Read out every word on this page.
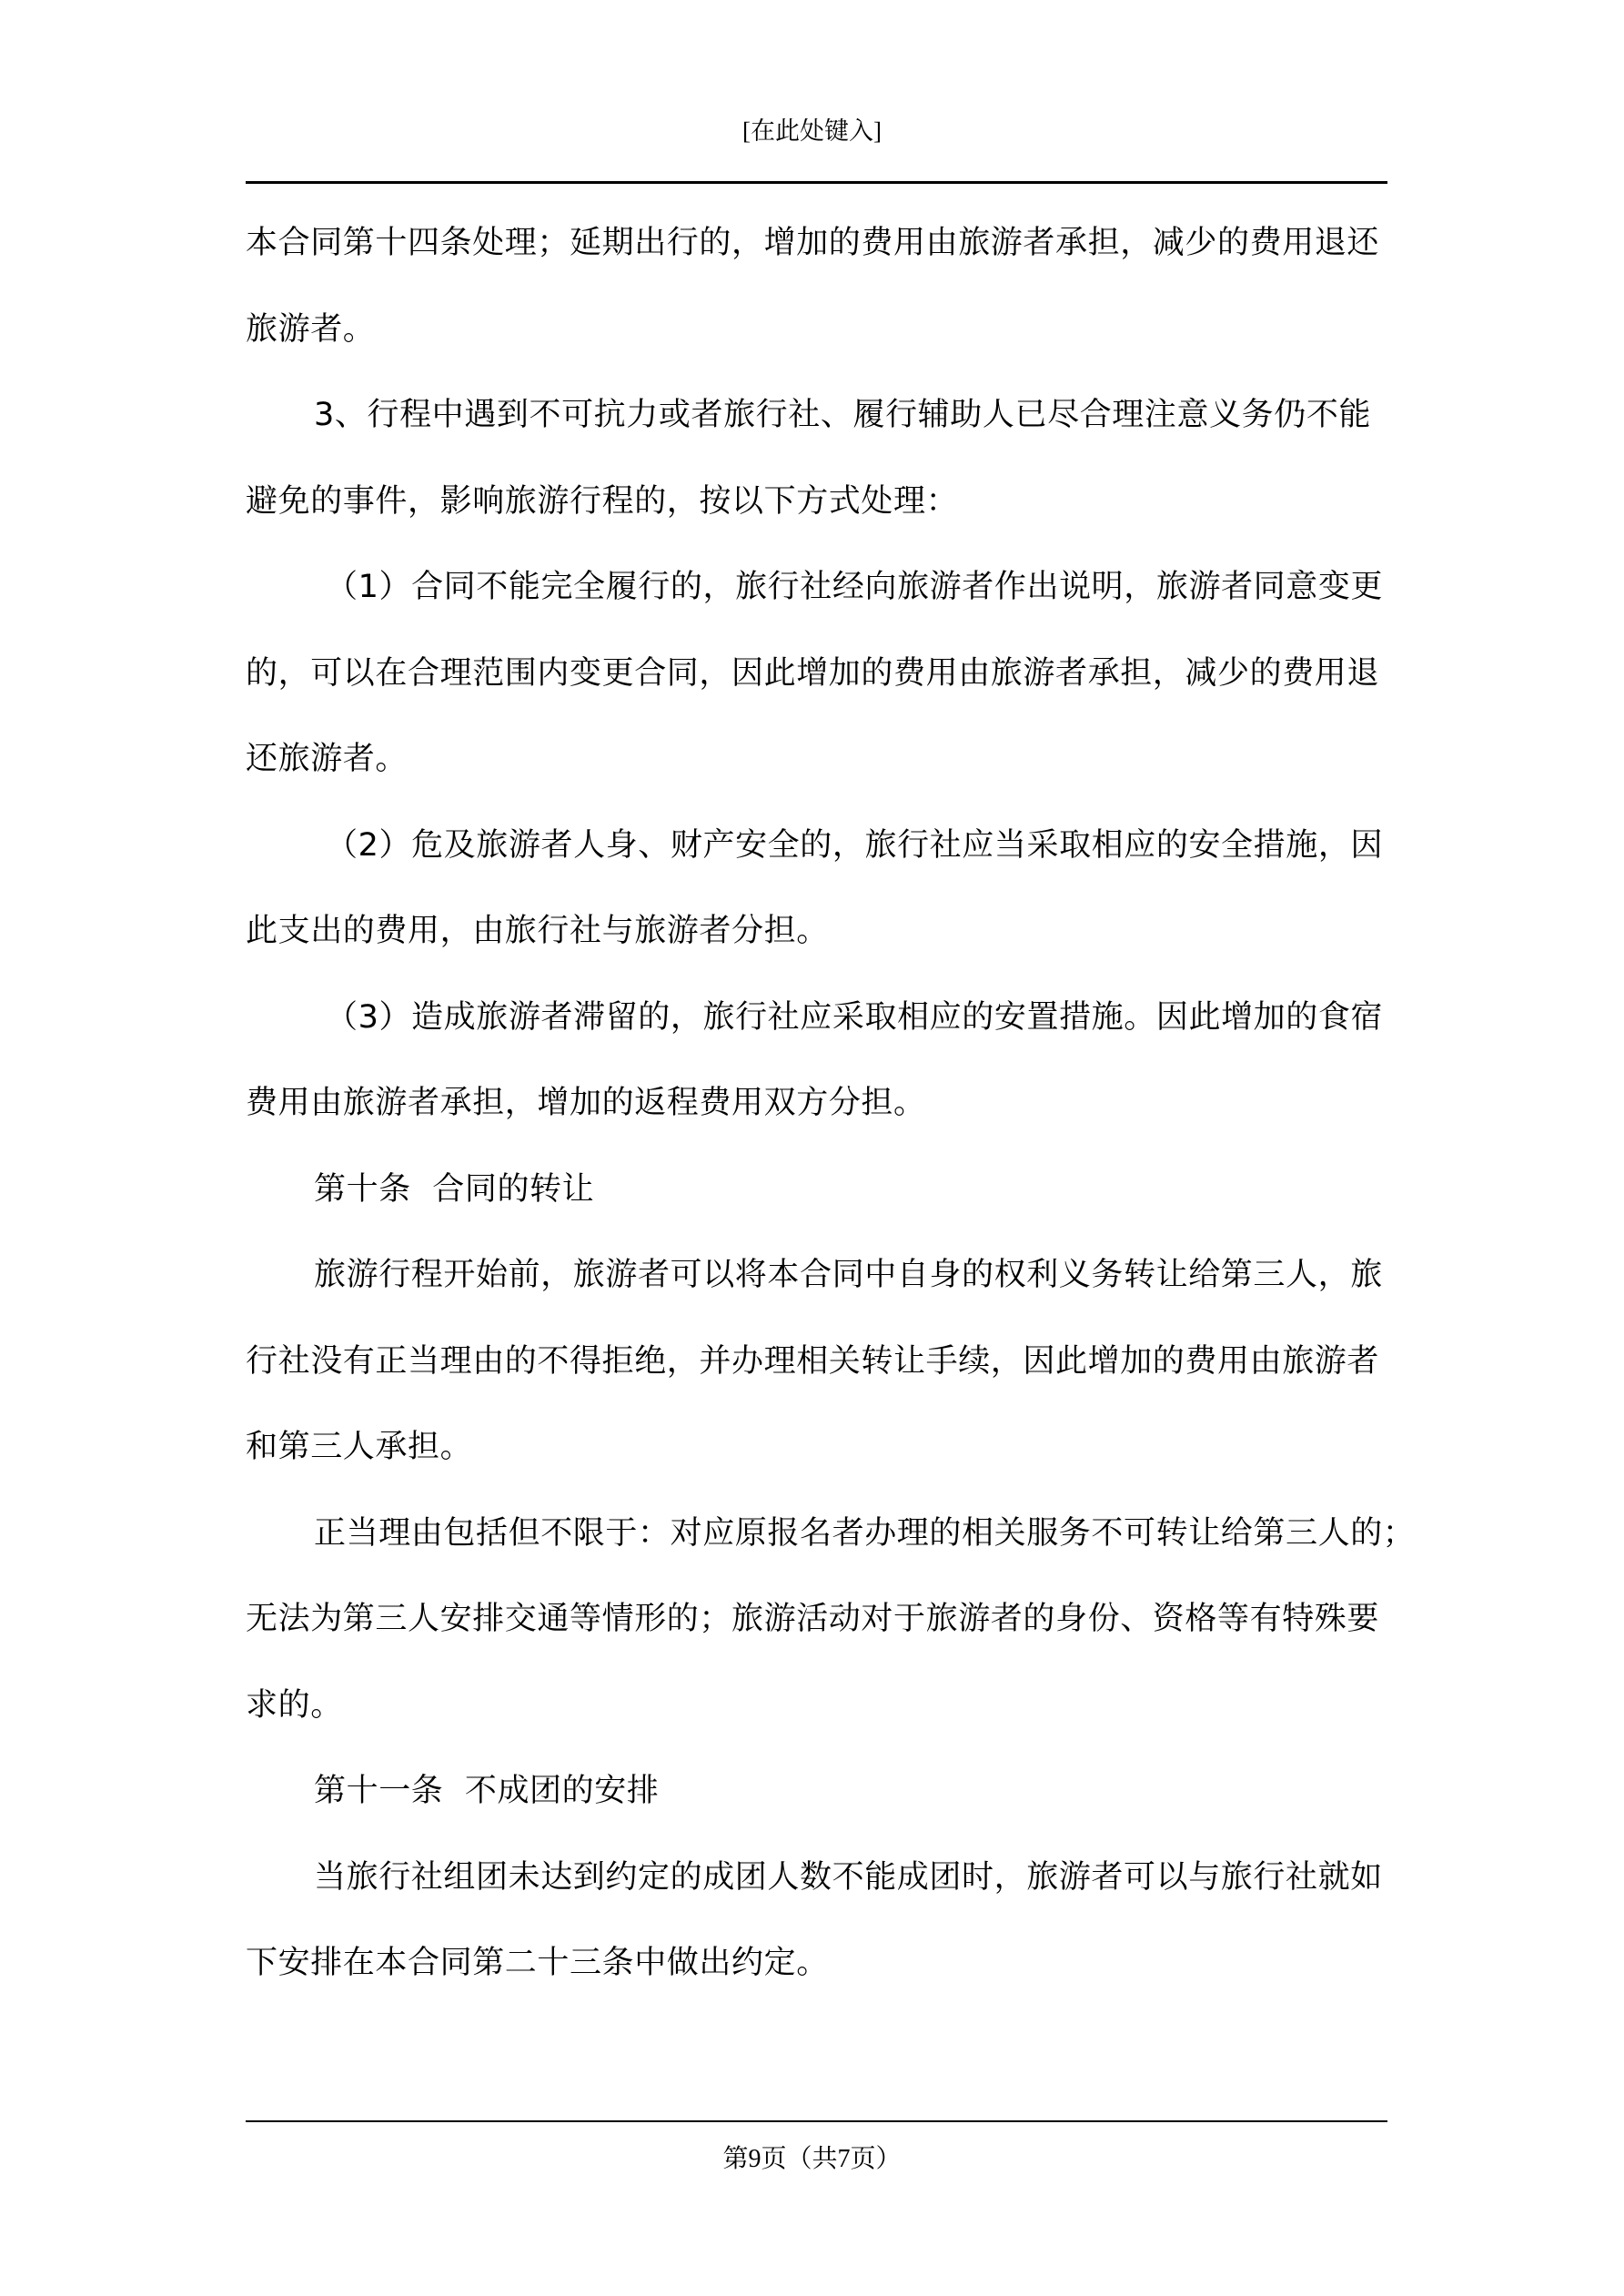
[在此处键入]

本合同第十四条处理；延期出行的，增加的费用由旅游者承担，减少的费用退还
旅游者。

3、行程中遇到不可抗力或者旅行社、履行辅助人已尽合理注意义务仍不能
避免的事件，影响旅游行程的，按以下方式处理：

（1）合同不能完全履行的，旅行社经向旅游者作出说明，旅游者同意变更
的，可以在合理范围内变更合同，因此增加的费用由旅游者承担，减少的费用退
还旅游者。

（2）危及旅游者人身、财产安全的，旅行社应当采取相应的安全措施，因
此支出的费用，由旅行社与旅游者分担。

（3）造成旅游者滞留的，旅行社应采取相应的安置措施。因此增加的食宿
费用由旅游者承担，增加的返程费用双方分担。

第十条  合同的转让

旅游行程开始前，旅游者可以将本合同中自身的权利义务转让给第三人，旅
行社没有正当理由的不得拒绝，并办理相关转让手续，因此增加的费用由旅游者
和第三人承担。

正当理由包括但不限于：对应原报名者办理的相关服务不可转让给第三人的；
无法为第三人安排交通等情形的；旅游活动对于旅游者的身份、资格等有特殊要
求的。

第十一条  不成团的安排

当旅行社组团未达到约定的成团人数不能成团时，旅游者可以与旅行社就如
下安排在本合同第二十三条中做出约定。

第9页（共7页）
